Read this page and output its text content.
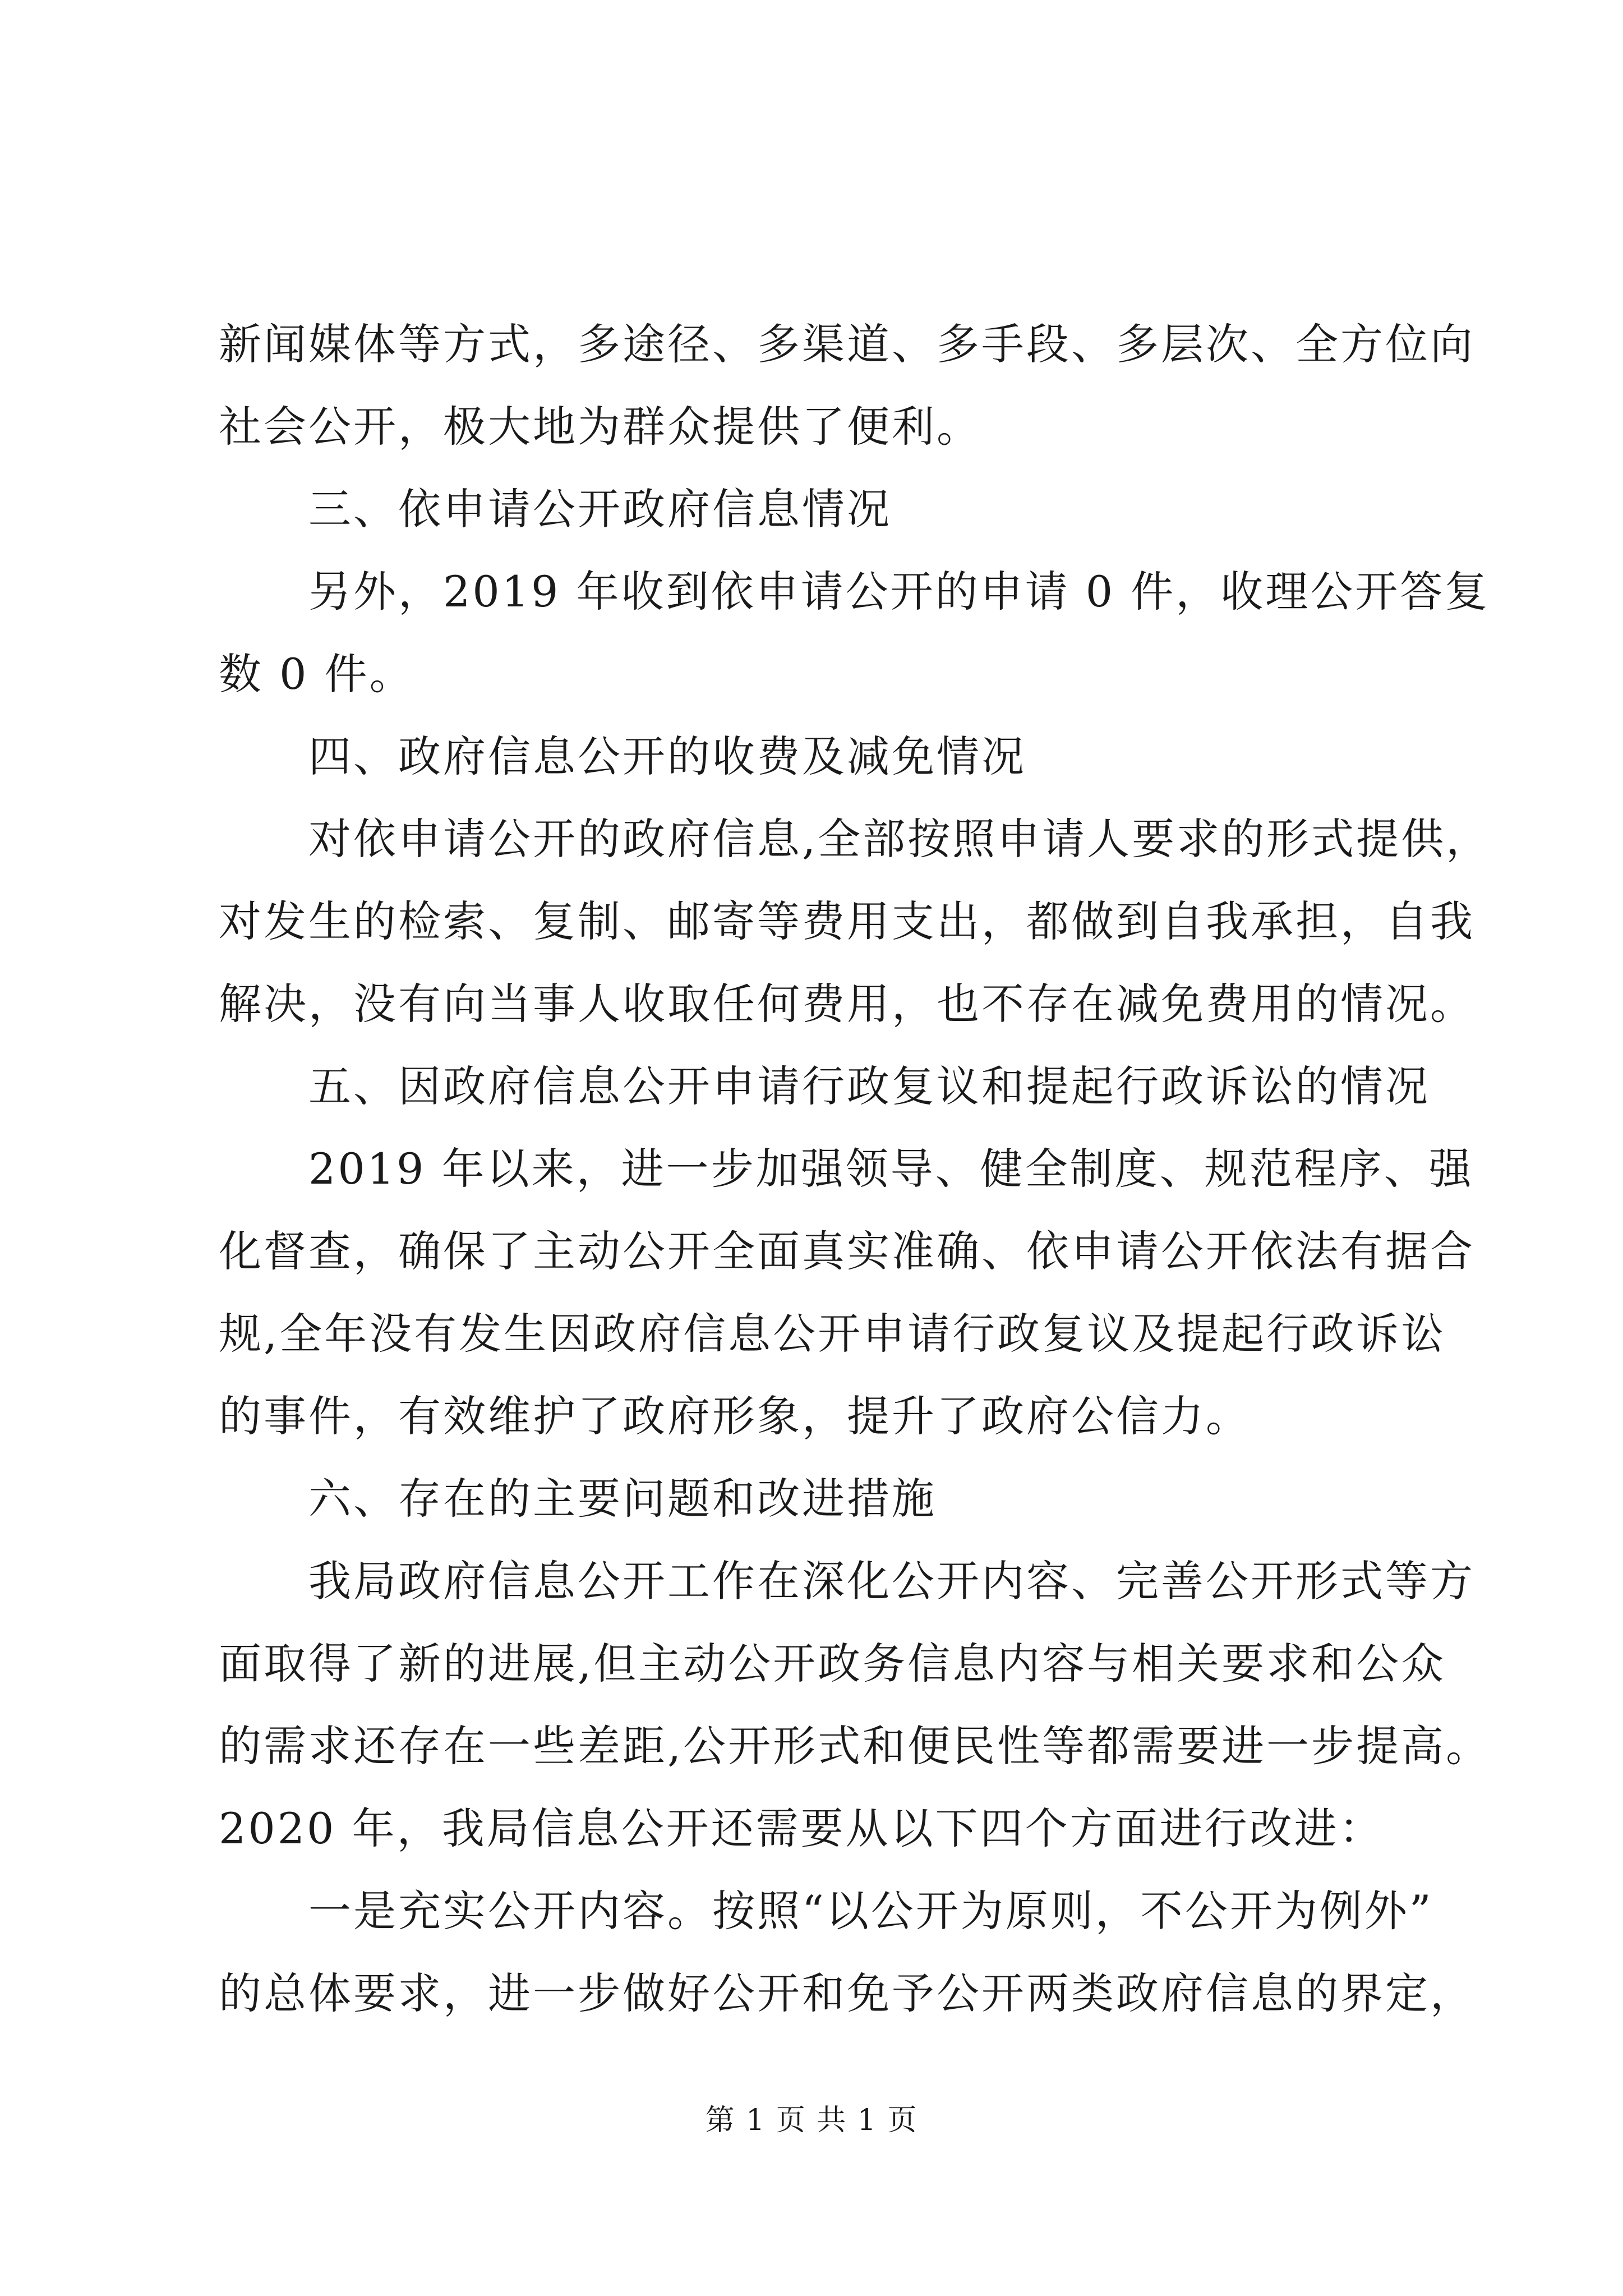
新闻媒体等方式，多途径、多渠道、多手段、多层次、全方位向
社会公开，极大地为群众提供了便利。
三、依申请公开政府信息情况
另外，2019 年收到依申请公开的申请 0 件，收理公开答复
数 0 件。
四、政府信息公开的收费及减免情况
对依申请公开的政府信息,全部按照申请人要求的形式提供，
对发生的检索、复制、邮寄等费用支出，都做到自我承担，自我
解决，没有向当事人收取任何费用，也不存在减免费用的情况。
五、因政府信息公开申请行政复议和提起行政诉讼的情况
2019 年以来，进一步加强领导、健全制度、规范程序、强
化督查，确保了主动公开全面真实准确、依申请公开依法有据合
规,全年没有发生因政府信息公开申请行政复议及提起行政诉讼
的事件，有效维护了政府形象，提升了政府公信力。
六、存在的主要问题和改进措施
我局政府信息公开工作在深化公开内容、完善公开形式等方
面取得了新的进展,但主动公开政务信息内容与相关要求和公众
的需求还存在一些差距,公开形式和便民性等都需要进一步提高。
2020 年，我局信息公开还需要从以下四个方面进行改进：
一是充实公开内容。按照“以公开为原则，不公开为例外”
的总体要求，进一步做好公开和免予公开两类政府信息的界定，
第 1 页 共 1 页
